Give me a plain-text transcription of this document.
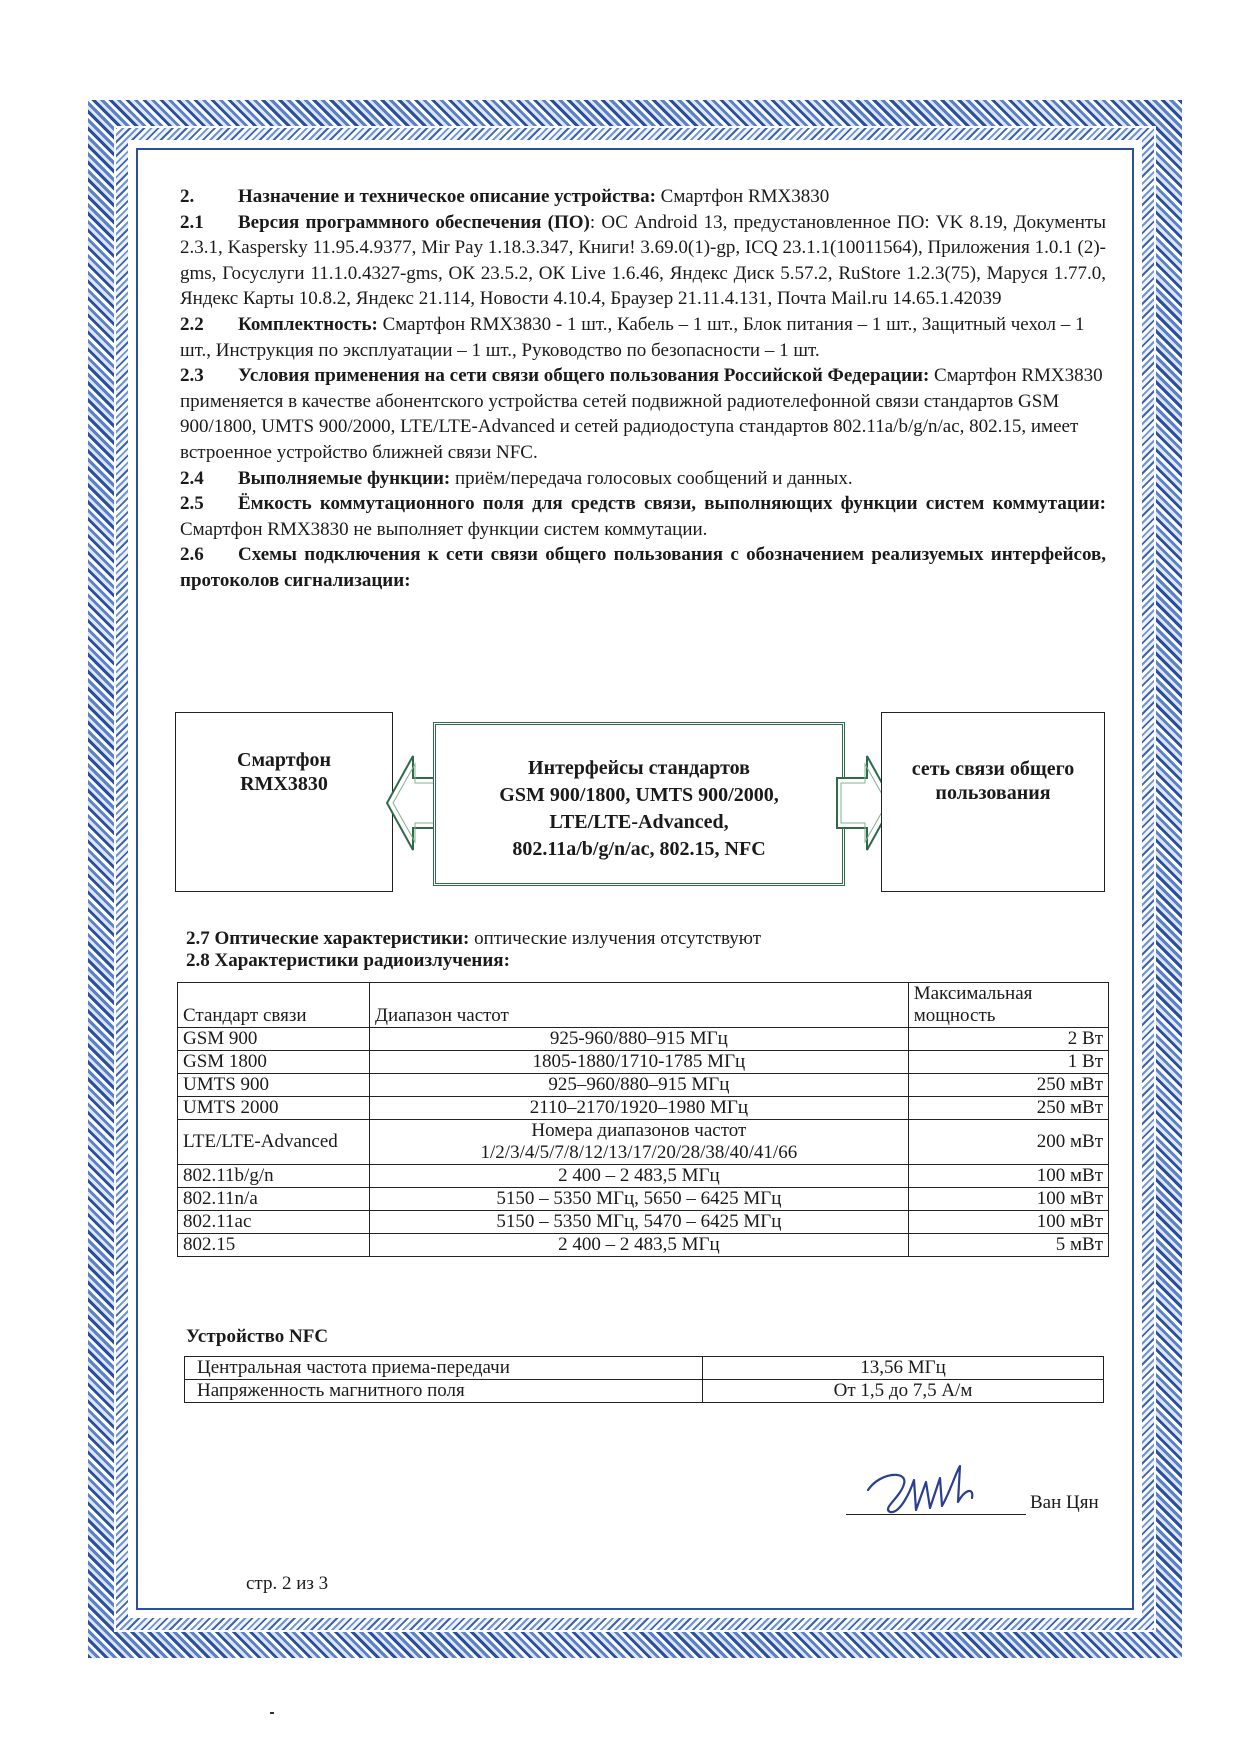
2. Назначение и техническое описание устройства: Смартфон RMX3830

2.1 Версия программного обеспечения (ПО): ОС Android 13, предустановленное ПО: VK 8.19, Документы 2.3.1, Kaspersky 11.95.4.9377, Mir Pay 1.18.3.347, Книги! 3.69.0(1)-gp, ICQ 23.1.1(10011564), Приложения 1.0.1 (2)-gms, Госуслуги 11.1.0.4327-gms, ОК 23.5.2, ОК Live 1.6.46, Яндекс Диск 5.57.2, RuStore 1.2.3(75), Маруся 1.77.0, Яндекс Карты 10.8.2, Яндекс 21.114, Новости 4.10.4, Браузер 21.11.4.131, Почта Mail.ru 14.65.1.42039

2.2 Комплектность: Смартфон RMX3830 - 1 шт., Кабель – 1 шт., Блок питания – 1 шт., Защитный чехол – 1 шт., Инструкция по эксплуатации – 1 шт., Руководство по безопасности – 1 шт.

2.3 Условия применения на сети связи общего пользования Российской Федерации: Смартфон RMX3830 применяется в качестве абонентского устройства сетей подвижной радиотелефонной связи стандартов GSM 900/1800, UMTS 900/2000, LTE/LTE-Advanced и сетей радиодоступа стандартов 802.11a/b/g/n/ac, 802.15, имеет встроенное устройство ближней связи NFC.

2.4 Выполняемые функции: приём/передача голосовых сообщений и данных.

2.5 Ёмкость коммутационного поля для средств связи, выполняющих функции систем коммутации: Смартфон RMX3830 не выполняет функции систем коммутации.

2.6 Схемы подключения к сети связи общего пользования с обозначением реализуемых интерфейсов, протоколов сигнализации:

Смартфон
RMX3830
Интерфейсы стандартов
GSM 900/1800, UMTS 900/2000,
LTE/LTE-Advanced,
802.11a/b/g/n/ac, 802.15, NFC
сеть связи общего
пользования

2.7 Оптические характеристики: оптические излучения отсутствуют

2.8 Характеристики радиоизлучения:

Стандарт связи	Диапазон частот	Максимальная мощность
GSM 900	925-960/880–915 МГц	2 Вт
GSM 1800	1805-1880/1710-1785 МГц	1 Вт
UMTS 900	925–960/880–915 МГц	250 мВт
UMTS 2000	2110–2170/1920–1980 МГц	250 мВт
LTE/LTE-Advanced	Номера диапазонов частот 1/2/3/4/5/7/8/12/13/17/20/28/38/40/41/66	200 мВт
802.11b/g/n	2 400 – 2 483,5 МГц	100 мВт
802.11n/a	5150 – 5350 МГц, 5650 – 6425 МГц	100 мВт
802.11ac	5150 – 5350 МГц, 5470 – 6425 МГц	100 мВт
802.15	2 400 – 2 483,5 МГц	5 мВт
Устройство NFC
Центральная частота приема-передачи	13,56 МГц
Напряженность магнитного поля	От 1,5 до 7,5 А/м
Ван Цян
стр. 2 из 3
